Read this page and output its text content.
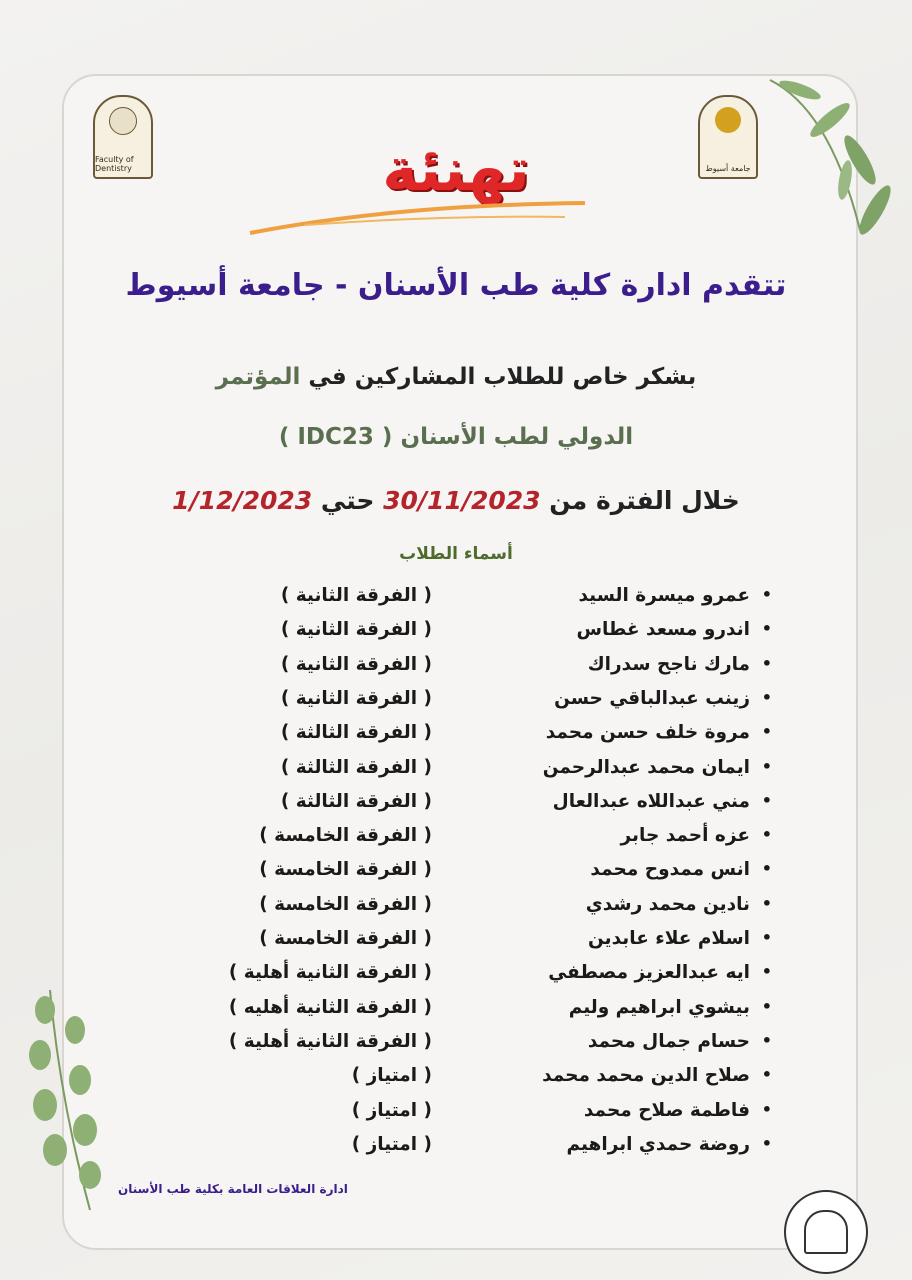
Faculty of Dentistry	جامعة أسيوط
تهنئة
تتقدم ادارة كلية طب الأسنان - جامعة أسيوط
بشكر خاص للطلاب المشاركين في المؤتمر
الدولي لطب الأسنان ( IDC23 )
خلال الفترة من 30/11/2023 حتي 1/12/2023
أسماء الطلاب
•
عمرو ميسرة السيد
( الفرقة الثانية )
•
اندرو مسعد غطاس
( الفرقة الثانية )
•
مارك ناجح سدراك
( الفرقة الثانية )
•
زينب عبدالباقي حسن
( الفرقة الثانية )
•
مروة خلف حسن محمد
( الفرقة الثالثة )
•
ايمان محمد عبدالرحمن
( الفرقة الثالثة )
•
مني عبداللاه عبدالعال
( الفرقة الثالثة )
•
عزه أحمد جابر
( الفرقة الخامسة )
•
انس ممدوح محمد
( الفرقة الخامسة )
•
نادين محمد رشدي
( الفرقة الخامسة )
•
اسلام علاء عابدين
( الفرقة الخامسة )
•
ايه عبدالعزيز مصطفي
( الفرقة الثانية أهلية )
•
بيشوي ابراهيم وليم
( الفرقة الثانية أهليه )
•
حسام جمال محمد
( الفرقة الثانية أهلية )
•
صلاح الدين محمد محمد
( امتياز )
•
فاطمة صلاح محمد
( امتياز )
•
روضة حمدي ابراهيم
( امتياز )
ادارة العلاقات العامة بكلية طب الأسنان
